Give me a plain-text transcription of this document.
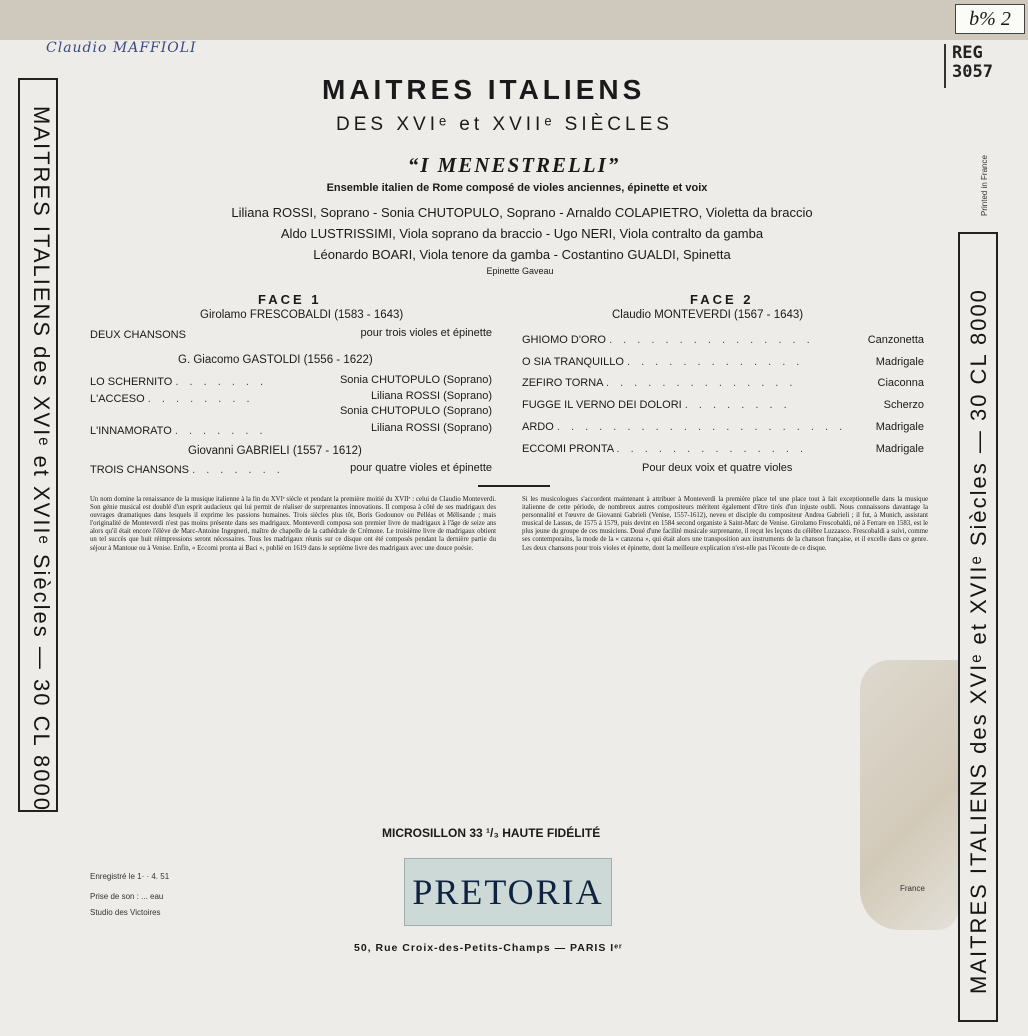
b% 2
Claudio MAFFIOLI	REG
3057
MAITRES ITALIENS des XVIᵉ et XVIIᵉ Siècles — 30 CL 8000	MAITRES ITALIENS des XVIᵉ et XVIIᵉ Siècles — 30 CL 8000
Printed in France
MAITRES ITALIENS
DES XVIᵉ et XVIIᵉ SIÈCLES
“I MENESTRELLI”
Ensemble italien de Rome composé de violes anciennes, épinette et voix
Liliana ROSSI, Soprano - Sonia CHUTOPULO, Soprano - Arnaldo COLAPIETRO, Violetta da braccio
Aldo LUSTRISSIMI, Viola soprano da braccio - Ugo NERI, Viola contralto da gamba
Léonardo BOARI, Viola tenore da gamba - Costantino GUALDI, Spinetta
Epinette Gaveau
FACE 1
Girolamo FRESCOBALDI (1583 - 1643)
DEUX CHANSONS	pour trois violes et épinette
G. Giacomo GASTOLDI (1556 - 1622)
LO SCHERNITO . . . . . . .	Sonia CHUTOPULO (Soprano)
L'ACCESO . . . . . . . .	Liliana ROSSI (Soprano)
Sonia CHUTOPULO (Soprano)
L'INNAMORATO . . . . . . .	Liliana ROSSI (Soprano)
Giovanni GABRIELI (1557 - 1612)
TROIS CHANSONS . . . . . . .	pour quatre violes et épinette
FACE 2
Claudio MONTEVERDI (1567 - 1643)
GHIOMO D'ORO . . . . . . . . . . . . . . .	Canzonetta
O SIA TRANQUILLO . . . . . . . . . . . . .	Madrigale
ZEFIRO TORNA . . . . . . . . . . . . . .	Ciaconna
FUGGE IL VERNO DEI DOLORI . . . . . . . .	Scherzo
ARDO . . . . . . . . . . . . . . . . . . . . .	Madrigale
ECCOMI PRONTA . . . . . . . . . . . . . .	Madrigale
Pour deux voix et quatre violes
Un nom domine la renaissance de la musique italienne à la fin du XVIᵉ siècle et pendant la première moitié du XVIIᵉ : celui de Claudio Monteverdi. Son génie musical est doublé d'un esprit audacieux qui lui permit de réaliser de surprenantes innovations. Il composa à côté de ses madrigaux des ouvrages dramatiques dans lesquels il exprime les passions humaines. Trois siècles plus tôt, Boris Godounov ou Pelléas et Mélisande ; mais l'originalité de Monteverdi n'est pas moins présente dans ses madrigaux. Monteverdi composa son premier livre de madrigaux à l'âge de seize ans alors qu'il était encore l'élève de Marc-Antoine Ingegneri, maître de chapelle de la cathédrale de Crémone. Le troisième livre de madrigaux obtient un tel succès que huit réimpressions seront nécessaires. Tous les madrigaux réunis sur ce disque ont été composés pendant la dernière partie du séjour à Mantoue ou à Venise. Enfin, « Eccomi pronta ai Baci », publié en 1619 dans le septième livre des madrigaux avec une douce poésie.
Si les musicologues s'accordent maintenant à attribuer à Monteverdi la première place tel une place tout à fait exceptionnelle dans la musique italienne de cette période, de nombreux autres compositeurs méritent également d'être tirés d'un injuste oubli. Nous connaissons davantage la personnalité et l'œuvre de Giovanni Gabrieli (Venise, 1557-1612), neveu et disciple du compositeur Andrea Gabrieli ; il fut, à Munich, assistant musical de Lassus, de 1575 à 1579, puis devint en 1584 second organiste à Saint-Marc de Venise. Girolamo Frescobaldi, né à Ferrare en 1583, est le plus jeune du groupe de ces musiciens. Doué d'une facilité musicale surprenante, il reçut les leçons du célèbre Luzzasco. Frescobaldi a suivi, comme ses contemporains, la mode de la « canzona », qui était alors une transposition aux instruments de la chanson française, et il excelle dans ce genre. Les deux chansons pour trois violes et épinette, dont la meilleure explication n'est-elle pas l'écoute de ce disque.
MICROSILLON 33 ¹/₃ HAUTE FIDÉLITÉ
Enregistré le 1· · 4. 51
Prise de son : ... eau
Studio des Victoires
France
PRETORIA
50, Rue Croix-des-Petits-Champs — PARIS Iᵉʳ
